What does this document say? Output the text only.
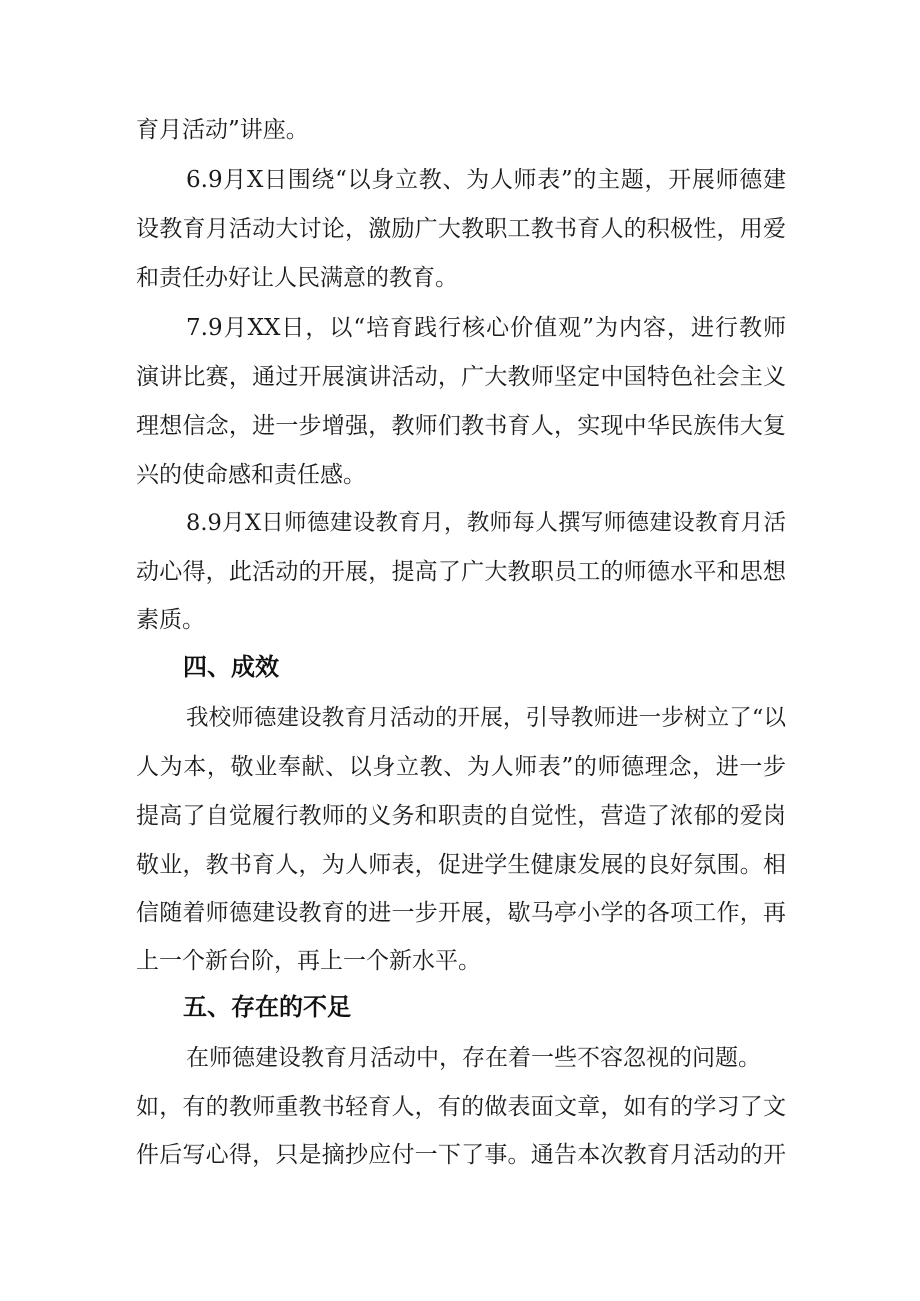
育月活动”讲座。
6.9月X日围绕“以身立教、为人师表”的主题，开展师德建
设教育月活动大讨论，激励广大教职工教书育人的积极性，用爱
和责任办好让人民满意的教育。
7.9月XX日，以“培育践行核心价值观”为内容，进行教师
演讲比赛，通过开展演讲活动，广大教师坚定中国特色社会主义
理想信念，进一步增强，教师们教书育人，实现中华民族伟大复
兴的使命感和责任感。
8.9月X日师德建设教育月，教师每人撰写师德建设教育月活
动心得，此活动的开展，提高了广大教职员工的师德水平和思想
素质。
四、成效
我校师德建设教育月活动的开展，引导教师进一步树立了“以
人为本，敬业奉献、以身立教、为人师表”的师德理念，进一步
提高了自觉履行教师的义务和职责的自觉性，营造了浓郁的爱岗
敬业，教书育人，为人师表，促进学生健康发展的良好氛围。相
信随着师德建设教育的进一步开展，歇马亭小学的各项工作，再
上一个新台阶，再上一个新水平。
五、存在的不足
在师德建设教育月活动中，存在着一些不容忽视的问题。
如，有的教师重教书轻育人，有的做表面文章，如有的学习了文
件后写心得，只是摘抄应付一下了事。通告本次教育月活动的开
